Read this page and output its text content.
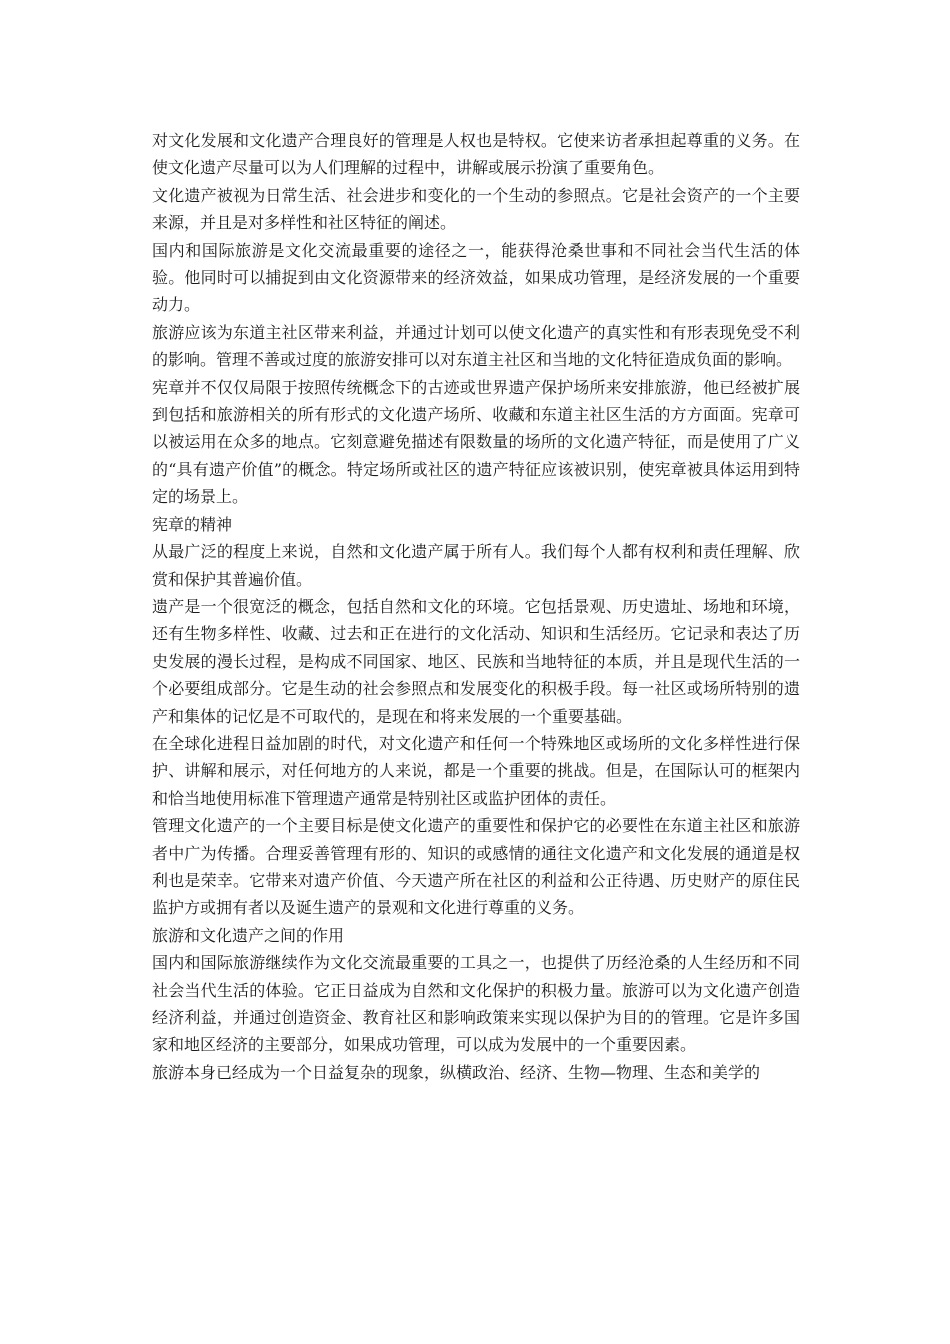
对文化发展和文化遗产合理良好的管理是人权也是特权。它使来访者承担起尊重的义务。在使文化遗产尽量可以为人们理解的过程中，讲解或展示扮演了重要角色。

文化遗产被视为日常生活、社会进步和变化的一个生动的参照点。它是社会资产的一个主要来源，并且是对多样性和社区特征的阐述。

国内和国际旅游是文化交流最重要的途径之一，能获得沧桑世事和不同社会当代生活的体验。他同时可以捕捉到由文化资源带来的经济效益，如果成功管理，是经济发展的一个重要动力。

旅游应该为东道主社区带来利益，并通过计划可以使文化遗产的真实性和有形表现免受不利的影响。管理不善或过度的旅游安排可以对东道主社区和当地的文化特征造成负面的影响。

宪章并不仅仅局限于按照传统概念下的古迹或世界遗产保护场所来安排旅游，他已经被扩展到包括和旅游相关的所有形式的文化遗产场所、收藏和东道主社区生活的方方面面。宪章可以被运用在众多的地点。它刻意避免描述有限数量的场所的文化遗产特征，而是使用了广义的“具有遗产价值”的概念。特定场所或社区的遗产特征应该被识别，使宪章被具体运用到特定的场景上。

宪章的精神

从最广泛的程度上来说，自然和文化遗产属于所有人。我们每个人都有权利和责任理解、欣赏和保护其普遍价值。

遗产是一个很宽泛的概念，包括自然和文化的环境。它包括景观、历史遗址、场地和环境，还有生物多样性、收藏、过去和正在进行的文化活动、知识和生活经历。它记录和表达了历史发展的漫长过程，是构成不同国家、地区、民族和当地特征的本质，并且是现代生活的一个必要组成部分。它是生动的社会参照点和发展变化的积极手段。每一社区或场所特别的遗产和集体的记忆是不可取代的，是现在和将来发展的一个重要基础。

在全球化进程日益加剧的时代，对文化遗产和任何一个特殊地区或场所的文化多样性进行保护、讲解和展示，对任何地方的人来说，都是一个重要的挑战。但是，在国际认可的框架内和恰当地使用标准下管理遗产通常是特别社区或监护团体的责任。

管理文化遗产的一个主要目标是使文化遗产的重要性和保护它的必要性在东道主社区和旅游者中广为传播。合理妥善管理有形的、知识的或感情的通往文化遗产和文化发展的通道是权利也是荣幸。它带来对遗产价值、今天遗产所在社区的利益和公正待遇、历史财产的原住民监护方或拥有者以及诞生遗产的景观和文化进行尊重的义务。

旅游和文化遗产之间的作用

国内和国际旅游继续作为文化交流最重要的工具之一，也提供了历经沧桑的人生经历和不同社会当代生活的体验。它正日益成为自然和文化保护的积极力量。旅游可以为文化遗产创造经济利益，并通过创造资金、教育社区和影响政策来实现以保护为目的的管理。它是许多国家和地区经济的主要部分，如果成功管理，可以成为发展中的一个重要因素。

旅游本身已经成为一个日益复杂的现象，纵横政治、经济、生物—物理、生态和美学的
